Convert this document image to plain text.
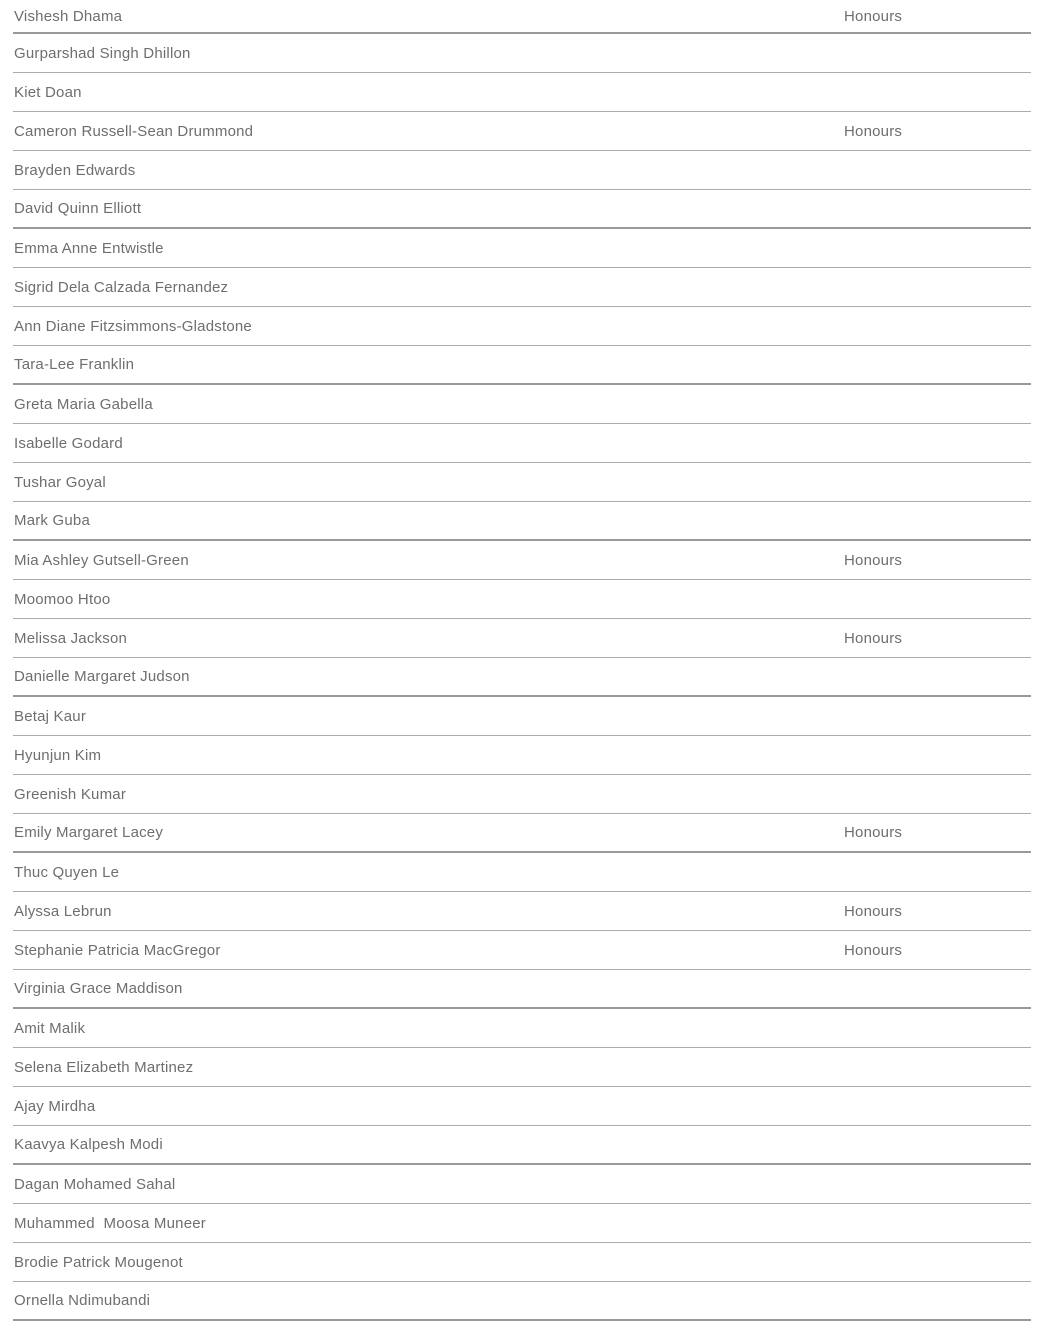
Vishesh Dhama	Honours
Gurparshad Singh Dhillon
Kiet Doan
Cameron Russell-Sean Drummond	Honours
Brayden Edwards
David Quinn Elliott
Emma Anne Entwistle
Sigrid Dela Calzada Fernandez
Ann Diane Fitzsimmons-Gladstone
Tara-Lee Franklin
Greta Maria Gabella
Isabelle Godard
Tushar Goyal
Mark Guba
Mia Ashley Gutsell-Green	Honours
Moomoo Htoo
Melissa Jackson	Honours
Danielle Margaret Judson
Betaj Kaur
Hyunjun Kim
Greenish Kumar
Emily Margaret Lacey	Honours
Thuc Quyen Le
Alyssa Lebrun	Honours
Stephanie Patricia MacGregor	Honours
Virginia Grace Maddison
Amit Malik
Selena Elizabeth Martinez
Ajay Mirdha
Kaavya Kalpesh Modi
Dagan Mohamed Sahal
Muhammed  Moosa Muneer
Brodie Patrick Mougenot
Ornella Ndimubandi
